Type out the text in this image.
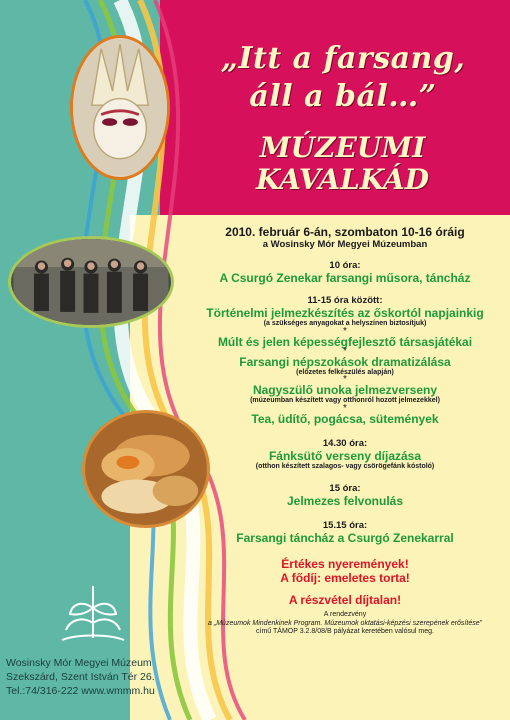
„Itt a farsang,
áll a bál…”
MÚZEUMI KAVALKÁD
2010. február 6-án, szombaton 10-16 óráig
a Wosinsky Mór Megyei Múzeumban
10 óra:
A Csurgó Zenekar farsangi műsora, táncház
11-15 óra között:
Történelmi jelmezkészítés az őskortól napjainkig
(a szükséges anyagokat a helyszínen biztosítjuk)
*
Múlt és jelen képességfejlesztő társasjátékai
*
Farsangi népszokások dramatizálása
(előzetes felkészülés alapján)
*
Nagyszülő unoka jelmezverseny
(múzeumban készített vagy otthonról hozott jelmezekkel)
*
Tea, üdítő, pogácsa, sütemények
14.30 óra:
Fánksütő verseny díjazása
(otthon készített szalagos- vagy csörögefánk kóstoló)
15 óra:
Jelmezes felvonulás
15.15 óra:
Farsangi táncház a Csurgó Zenekarral
Értékes nyeremények!
A fődíj: emeletes torta!
A részvétel díjtalan!
A rendezvény
a „Múzeumok Mindenkinek Program. Múzeumok oktatási-képzési szerepének erősítése”
című TÁMOP 3.2.8/08/B pályázat keretében valósul meg.
Wosinsky Mór Megyei Múzeum
Szekszárd, Szent István Tér 26.
Tel.:74/316-222 www.wmmm.hu
